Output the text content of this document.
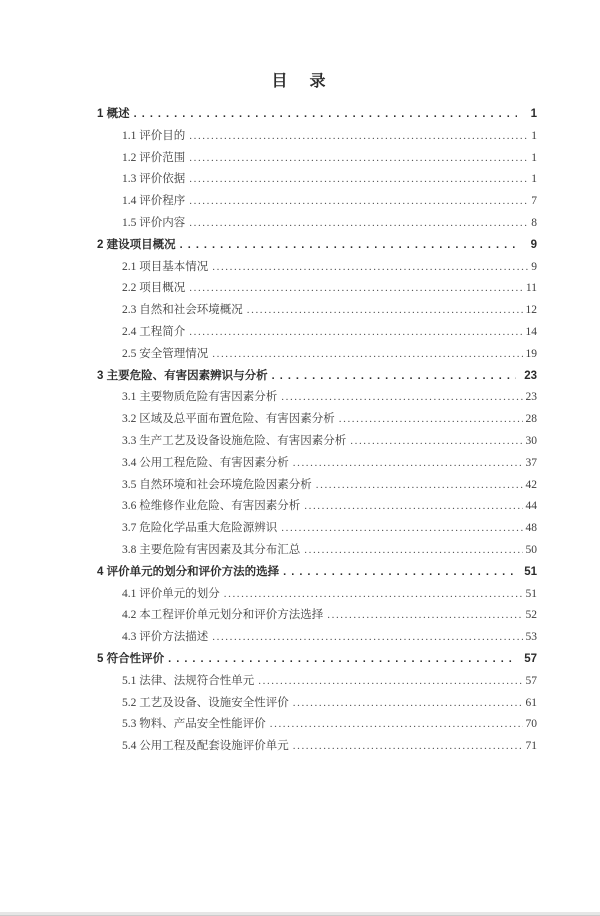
目　录
1 概述 . . .	1
1.1 评价目的 .....	1
1.2 评价范围 .....	1
1.3 评价依据 .....	1
1.4 评价程序 .....	7
1.5 评价内容 .....	8
2 建设项目概况 . . .	9
2.1 项目基本情况 .....	9
2.2 项目概况 .....	11
2.3 自然和社会环境概况 .....	12
2.4 工程简介 .....	14
2.5 安全管理情况 .....	19
3 主要危险、有害因素辨识与分析 . . .	23
3.1 主要物质危险有害因素分析 .....	23
3.2 区域及总平面布置危险、有害因素分析 .....	28
3.3 生产工艺及设备设施危险、有害因素分析 .....	30
3.4 公用工程危险、有害因素分析 .....	37
3.5 自然环境和社会环境危险因素分析 .....	42
3.6 检维修作业危险、有害因素分析 .....	44
3.7 危险化学品重大危险源辨识 .....	48
3.8 主要危险有害因素及其分布汇总 .....	50
4 评价单元的划分和评价方法的选择 . . .	51
4.1 评价单元的划分 .....	51
4.2 本工程评价单元划分和评价方法选择 .....	52
4.3 评价方法描述 .....	53
5 符合性评价 . . .	57
5.1 法律、法规符合性单元 .....	57
5.2 工艺及设备、设施安全性评价 .....	61
5.3 物料、产品安全性能评价 .....	70
5.4 公用工程及配套设施评价单元 .....	71
